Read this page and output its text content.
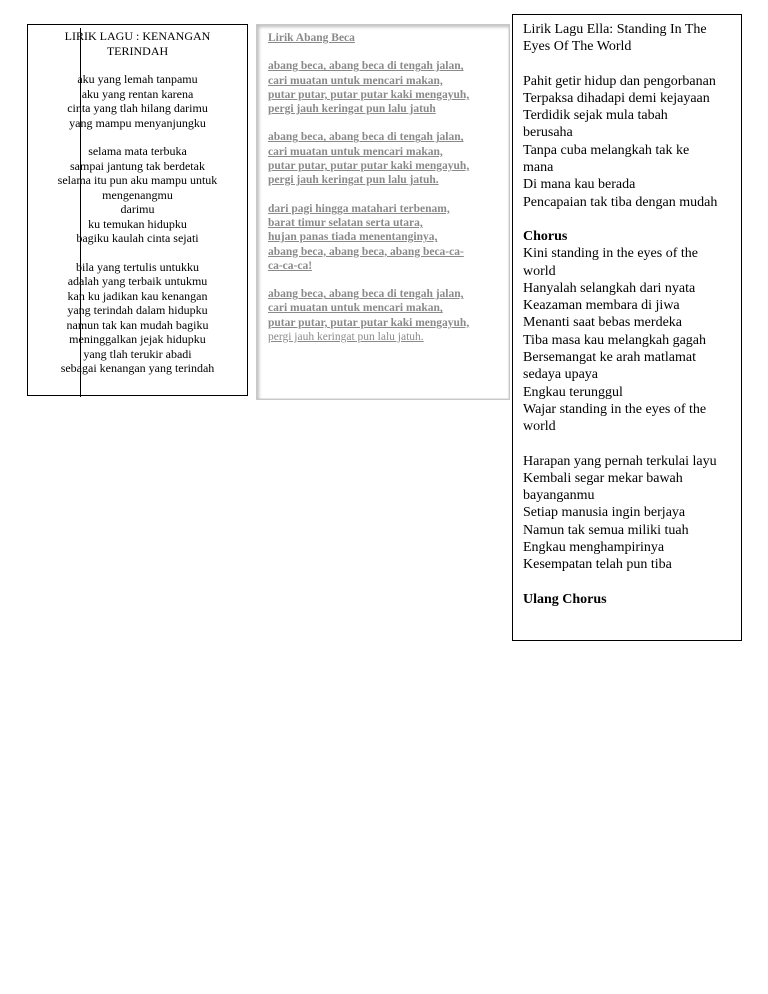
LIRIK LAGU : KENANGAN
TERINDAH
aku yang lemah tanpamu
aku yang rentan karena
cinta yang tlah hilang darimu
yang mampu menyanjungku
selama mata terbuka
sampai jantung tak berdetak
selama itu pun aku mampu untuk
mengenangmu
darimu
ku temukan hidupku
bagiku kaulah cinta sejati
bila yang tertulis untukku
adalah yang terbaik untukmu
kan ku jadikan kau kenangan
yang terindah dalam hidupku
namun tak kan mudah bagiku
meninggalkan jejak hidupku
yang tlah terukir abadi
sebagai kenangan yang terindah
Lirik Abang Beca
abang beca, abang beca di tengah jalan,
cari muatan untuk mencari makan,
putar putar, putar putar kaki mengayuh,
pergi jauh keringat pun lalu jatuh
abang beca, abang beca di tengah jalan,
cari muatan untuk mencari makan,
putar putar, putar putar kaki mengayuh,
pergi jauh keringat pun lalu jatuh.
dari pagi hingga matahari terbenam,
barat timur selatan serta utara,
hujan panas tiada menentanginya,
abang beca, abang beca, abang beca-ca-
ca-ca-ca!
abang beca, abang beca di tengah jalan,
cari muatan untuk mencari makan,
putar putar, putar putar kaki mengayuh,
pergi jauh keringat pun lalu jatuh.
Lirik Lagu Ella: Standing In The
Eyes Of The World
Pahit getir hidup dan pengorbanan
Terpaksa dihadapi demi kejayaan
Terdidik sejak mula tabah
berusaha
Tanpa cuba melangkah tak ke
mana
Di mana kau berada
Pencapaian tak tiba dengan mudah
Chorus
Kini standing in the eyes of the
world
Hanyalah selangkah dari nyata
Keazaman membara di jiwa
Menanti saat bebas merdeka
Tiba masa kau melangkah gagah
Bersemangat ke arah matlamat
sedaya upaya
Engkau terunggul
Wajar standing in the eyes of the
world
Harapan yang pernah terkulai layu
Kembali segar mekar bawah
bayanganmu
Setiap manusia ingin berjaya
Namun tak semua miliki tuah
Engkau menghampirinya
Kesempatan telah pun tiba
Ulang Chorus
